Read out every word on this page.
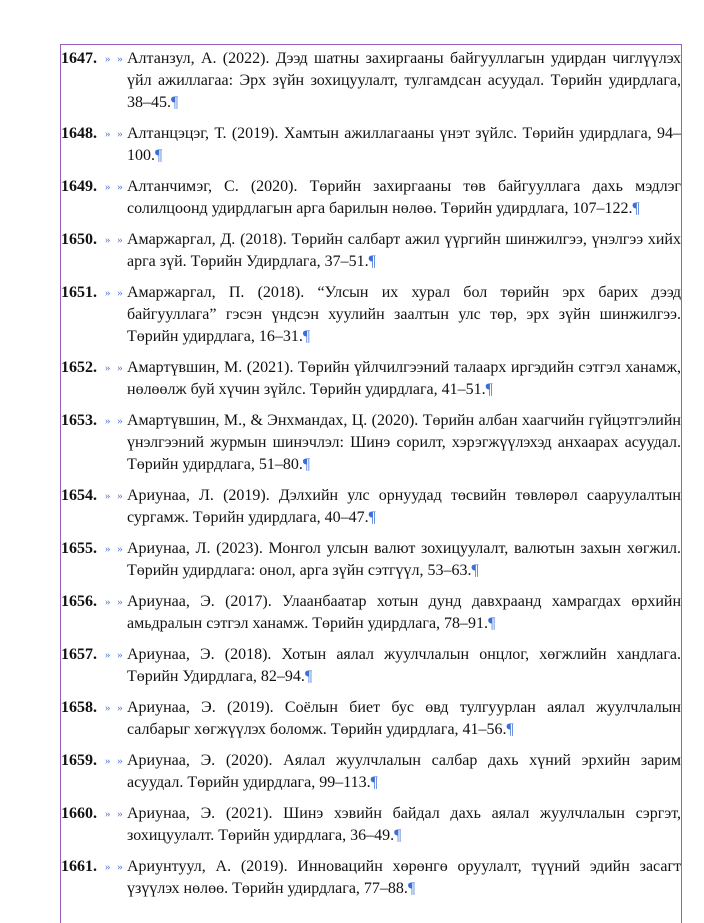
1647. » » Алтанзул, А. (2022). Дээд шатны захиргааны байгууллагын удирдан чиглүүлэх үйл ажиллагаа: Эрх зүйн зохицуулалт, тулгамдсан асуудал. Төрийн удирдлага, 38–45.¶
1648. » » Алтанцэцэг, Т. (2019). Хамтын ажиллагааны үнэт зүйлс. Төрийн удирдлага, 94–100.¶
1649. » » Алтанчимэг, С. (2020). Төрийн захиргааны төв байгууллага дахь мэдлэг солилцоонд удирдлагын арга барилын нөлөө. Төрийн удирдлага, 107–122.¶
1650. » » Амаржаргал, Д. (2018). Төрийн салбарт ажил үүргийн шинжилгээ, үнэлгээ хийх арга зүй. Төрийн Удирдлага, 37–51.¶
1651. » » Амаржаргал, П. (2018). “Улсын их хурал бол төрийн эрх барих дээд байгууллага” гэсэн үндсэн хуулийн заалтын улс төр, эрх зүйн шинжилгээ. Төрийн удирдлага, 16–31.¶
1652. » » Амартүвшин, М. (2021). Төрийн үйлчилгээний талаарх иргэдийн сэтгэл ханамж, нөлөөлж буй хүчин зүйлс. Төрийн удирдлага, 41–51.¶
1653. » » Амартүвшин, М., & Энхмандах, Ц. (2020). Төрийн албан хаагчийн гүйцэтгэлийн үнэлгээний журмын шинэчлэл: Шинэ сорилт, хэрэгжүүлэхэд анхаарах асуудал. Төрийн удирдлага, 51–80.¶
1654. » » Ариунаа, Л. (2019). Дэлхийн улс орнуудад төсвийн төвлөрөл сааруулалтын сургамж. Төрийн удирдлага, 40–47.¶
1655. » » Ариунаа, Л. (2023). Монгол улсын валют зохицуулалт, валютын захын хөгжил. Төрийн удирдлага: онол, арга зүйн сэтгүүл, 53–63.¶
1656. » » Ариунаа, Э. (2017). Улаанбаатар хотын дунд давхраанд хамрагдах өрхийн амьдралын сэтгэл ханамж. Төрийн удирдлага, 78–91.¶
1657. » » Ариунаа, Э. (2018). Хотын аялал жуулчлалын онцлог, хөгжлийн хандлага. Төрийн Удирдлага, 82–94.¶
1658. » » Ариунаа, Э. (2019). Соёлын биет бус өвд тулгуурлан аялал жуулчлалын салбарыг хөгжүүлэх боломж. Төрийн удирдлага, 41–56.¶
1659. » » Ариунаа, Э. (2020). Аялал жуулчлалын салбар дахь хүний эрхийн зарим асуудал. Төрийн удирдлага, 99–113.¶
1660. » » Ариунаа, Э. (2021). Шинэ хэвийн байдал дахь аялал жуулчлалын сэргэт, зохицуулалт. Төрийн удирдлага, 36–49.¶
1661. » » Ариунтуул, А. (2019). Инновацийн хөрөнгө оруулалт, түүний эдийн засагт үзүүлэх нөлөө. Төрийн удирдлага, 77–88.¶
